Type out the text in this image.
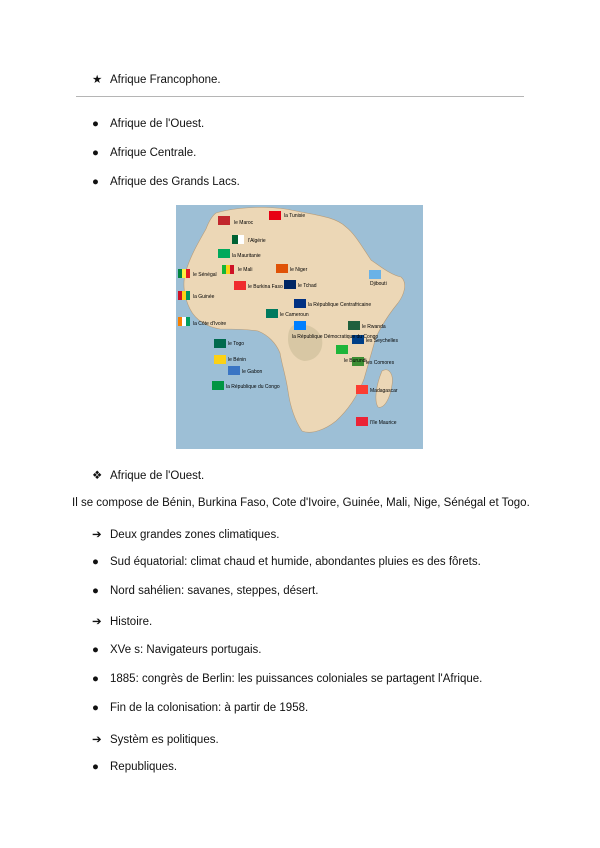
★ Afrique Francophone.
● Afrique de l'Ouest.
● Afrique Centrale.
● Afrique des Grands Lacs.
la Tunisie
le Maroc
l'Algérie
la Mauritanie
le Mali	le Niger
le Sénégal
la Guinée
le Burkina Faso	le Tchad	Djibouti
la République Centrafricaine
le Cameroun
la Côte d'Ivoire	le Rwanda
la République Démocratique du Congo
le Togo
le Bénin	le Burundi
les Seychelles
le Gabon
les Comores
la République du Congo
Madagascar
l'île Maurice
❖ Afrique de l'Ouest.
Il se compose de Bénin, Burkina Faso, Cote d'Ivoire, Guinée, Mali, Nige, Sénégal et Togo.
➔ Deux grandes zones climatiques.
● Sud équatorial: climat chaud et humide, abondantes pluies es des fôrets.
● Nord sahélien: savanes, steppes, désert.
➔ Histoire.
● XVe s: Navigateurs portugais.
● 1885: congrès de Berlin: les puissances coloniales se partagent l'Afrique.
● Fin de la colonisation: à partir de 1958.
➔ Systèm es politiques.
● Republiques.
